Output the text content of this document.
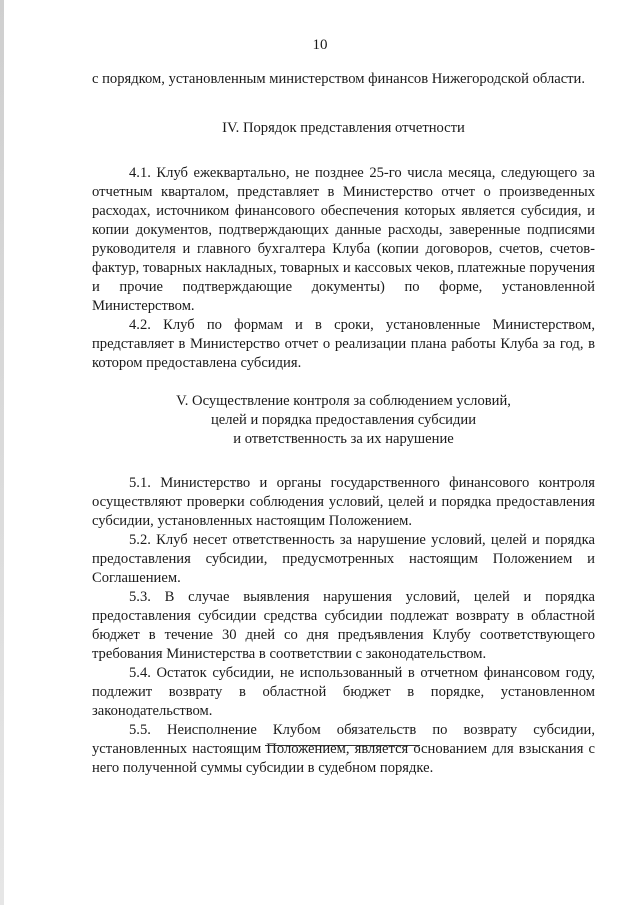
10

с порядком, установленным министерством финансов Нижегородской области.

IV. Порядок представления отчетности

4.1. Клуб ежеквартально, не позднее 25-го числа месяца, следующего за отчетным кварталом, представляет в Министерство отчет о произведенных расходах, источником финансового обеспечения которых является субсидия, и копии документов, подтверждающих данные расходы, заверенные подписями руководителя и главного бухгалтера Клуба (копии договоров, счетов, счетов-фактур, товарных накладных, товарных и кассовых чеков, платежные поручения и прочие подтверждающие документы) по форме, установленной Министерством.

4.2. Клуб по формам и в сроки, установленные Министерством, представляет в Министерство отчет о реализации плана работы Клуба за год, в котором предоставлена субсидия.

V. Осуществление контроля за соблюдением условий,

целей и порядка предоставления субсидии

и ответственность за их нарушение

5.1. Министерство и органы государственного финансового контроля осуществляют проверки соблюдения условий, целей и порядка предоставления субсидии, установленных настоящим Положением.

5.2. Клуб несет ответственность за нарушение условий, целей и порядка предоставления субсидии, предусмотренных настоящим Положением и Соглашением.

5.3. В случае выявления нарушения условий, целей и порядка предоставления субсидии средства субсидии подлежат возврату в областной бюджет в течение 30 дней со дня предъявления Клубу соответствующего требования Министерства в соответствии с законодательством.

5.4. Остаток субсидии, не использованный в отчетном финансовом году, подлежит возврату в областной бюджет в порядке, установленном законодательством.

5.5. Неисполнение Клубом обязательств по возврату субсидии, установленных настоящим Положением, является основанием для взыскания с него полученной суммы субсидии в судебном порядке.
